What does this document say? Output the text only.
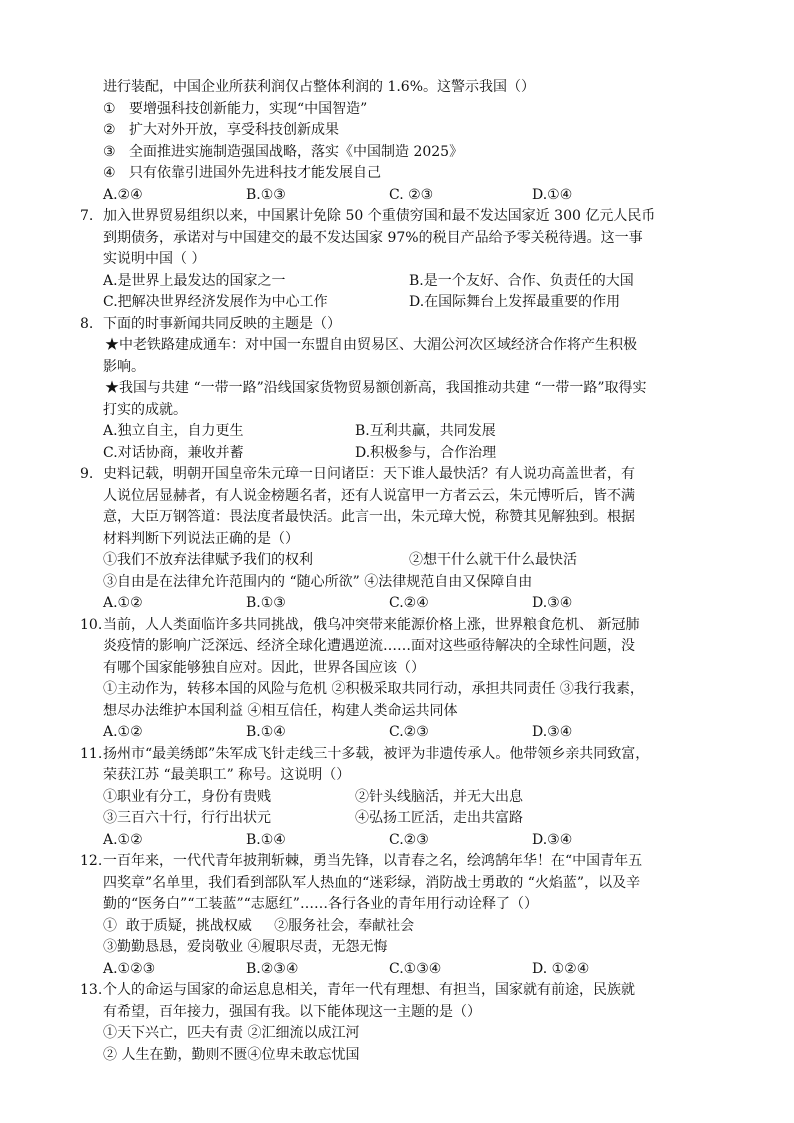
进行装配，中国企业所获利润仅占整体利润的 1.6%。这警示我国（）
① 要增强科技创新能力，实现“中国智造”
② 扩大对外开放，享受科技创新成果
③ 全面推进实施制造强国战略，落实《中国制造 2025》
④ 只有依靠引进国外先进科技才能发展自己
A.②④	B.①③	C. ②③	D.①④
7. 加入世界贸易组织以来，中国累计免除 50 个重债穷国和最不发达国家近 300 亿元人民币
到期债务，承诺对与中国建交的最不发达国家 97%的税目产品给予零关税待遇。这一事
实说明中国（ ）
A.是世界上最发达的国家之一	B.是一个友好、合作、负责任的大国
C.把解决世界经济发展作为中心工作	D.在国际舞台上发挥最重要的作用
8. 下面的时事新闻共同反映的主题是（）
★中老铁路建成通车：对中国一东盟自由贸易区、大湄公河次区域经济合作将产生积极
影响。
★我国与共建 “一带一路”沿线国家货物贸易额创新高，我国推动共建 “一带一路”取得实
打实的成就。
A.独立自主，自力更生	B.互利共赢，共同发展
C.对话协商，兼收并蓄	D.积极参与，合作治理
9. 史料记载，明朝开国皇帝朱元璋一日问诸臣：天下谁人最快活？有人说功高盖世者，有
人说位居显赫者，有人说金榜题名者，还有人说富甲一方者云云，朱元博听后，皆不满
意，大臣万钢答道：畏法度者最快活。此言一出，朱元璋大悦，称赞其见解独到。根据
材料判断下列说法正确的是（）
①我们不放弃法律赋予我们的权利	②想干什么就干什么最快活
③自由是在法律允许范围内的 “随心所欲” ④法律规范自由又保障自由
A.①②	B.①③	C.②④	D.③④
10. 当前，人人类面临许多共同挑战，俄乌冲突带来能源价格上涨，世界粮食危机、 新冠肺
炎疫情的影响广泛深远、经济全球化遭遇逆流……面对这些亟待解决的全球性问题，没
有哪个国家能够独自应对。因此，世界各国应该（）
①主动作为，转移本国的风险与危机 ②积极采取共同行动，承担共同责任 ③我行我素，
想尽办法维护本国利益 ④相互信任，构建人类命运共同体
A.①②	B.①④	C.②③	D.③④
11. 扬州市“最美绣郎”朱军成飞针走线三十多载，被评为非遗传承人。他带领乡亲共同致富，
荣获江苏 “最美职工” 称号。这说明（）
①职业有分工，身份有贵贱	②针头线脑活，并无大出息
③三百六十行，行行出状元	④弘扬工匠活，走出共富路
A.①②	B.①④	C.②③	D.③④
12. 一百年来，一代代青年披荆斩棘，勇当先锋，以青春之名，绘鸿鹄年华！在“中国青年五
四奖章”名单里，我们看到部队军人热血的“迷彩绿，消防战士勇敢的 “火焰蓝”，以及辛
勤的“医务白”“工装蓝”“志愿红”……各行各业的青年用行动诠释了（）
①  敢于质疑，挑战权威     ②服务社会，奉献社会
③勤勤恳恳，爱岗敬业 ④履职尽责，无怨无悔
A.①②③	B.②③④	C.①③④	D. ①②④
13. 个人的命运与国家的命运息息相关，青年一代有理想、有担当，国家就有前途，民族就
有希望，百年接力，强国有我。以下能体现这一主题的是（）
①天下兴亡，匹夫有责 ②汇细流以成江河
② 人生在勤，勤则不匮④位卑未敢忘忧国
